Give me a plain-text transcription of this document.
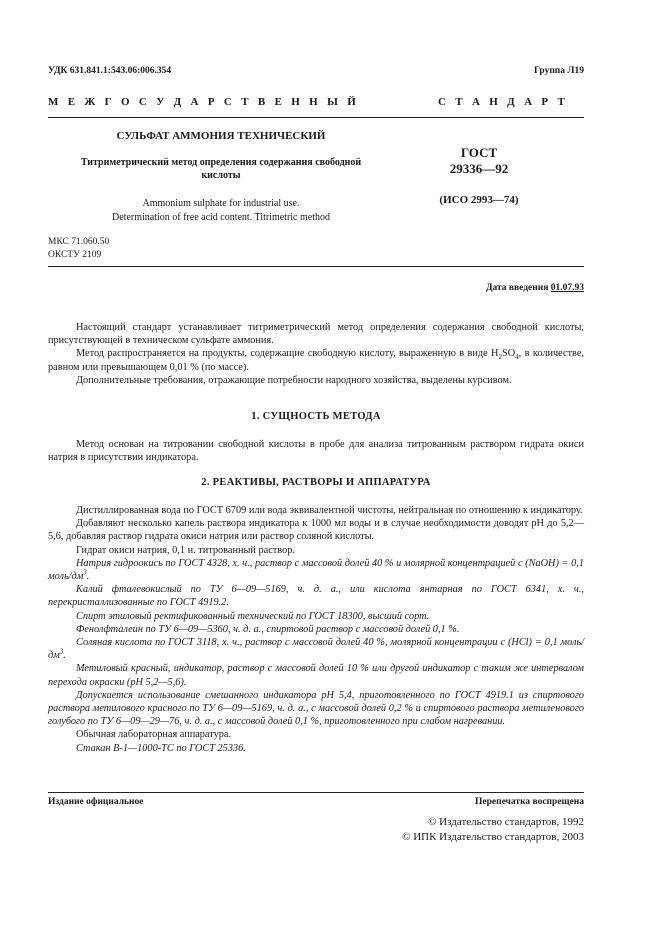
УДК 631.841.1:543.06:006.354	Группа Л19
М Е Ж Г О С У Д А Р С Т В Е Н Н Ы Й	С Т А Н Д А Р Т
СУЛЬФАТ АММОНИЯ ТЕХНИЧЕСКИЙ
Титриметрический метод определения содержания свободной
кислоты
Ammonium sulphate for industrial use.
Determination of free acid content. Titrimetric method
ГОСТ
29336—92
(ИСО 2993—74)
МКС 71.060.50
ОКСТУ 2109
Дата введения 01.07.93

Настоящий стандарт устанавливает титриметрический метод определения содержания свободной кислоты, присутствующей в техническом сульфате аммония.

Метод распространяется на продукты, содержащие свободную кислоту, выраженную в виде $H_2SO_4$, в количестве, равном или превышающем 0,01 % (по массе).

Дополнительные требования, отражающие потребности народного хозяйства, выделены курсивом.

1. СУЩНОСТЬ МЕТОДА

Метод основан на титровании свободной кислоты в пробе для анализа титрованным раствором гидрата окиси натрия в присутствии индикатора.

2. РЕАКТИВЫ, РАСТВОРЫ И АППАРАТУРА

Дистиллированная вода по ГОСТ 6709 или вода эквивалентной чистоты, нейтральная по отношению к индикатору.

Добавляют несколько капель раствора индикатора к 1000 мл воды и в случае необходимости доводят pH до 5,2—5,6, добавляя раствор гидрата окиси натрия или раствор соляной кислоты.

Гидрат окиси натрия, 0,1 н. титрованный раствор.

Натрия гидроокись по ГОСТ 4328, х. ч., раствор с массовой долей 40 % и молярной концентрацией c (NaOH) = 0,1 моль/$дм^3$.

Калий фталевокислый по ТУ 6—09—5169, ч. д. а., или кислота янтарная по ГОСТ 6341, х. ч., перекристаллизованные по ГОСТ 4919.2.

Спирт этиловый ректификованный технический по ГОСТ 18300, высший сорт.

Фенолфталеин по ТУ 6—09—5360, ч. д. а., спиртовой раствор с массовой долей 0,1 %.

Соляная кислота по ГОСТ 3118, х. ч., раствор с массовой долей 40 %, молярной концентрации c (HCl) = 0,1 моль/$дм^3$.

Метиловый красный, индикатор, раствор с массовой долей 10 % или другой индикатор с таким же интервалом перехода окраски (pH 5,2—5,6).

Допускается использование смешанного индикатора pH 5,4, приготовленного по ГОСТ 4919.1 из спиртового раствора метилового красного по ТУ 6—09—5169, ч. д. а., с массовой долей 0,2 % и спиртового раствора метиленового голубого по ТУ 6—09—29—76, ч. д. а., с массовой долей 0,1 %, приготовленного при слабом нагревании.

Обычная лабораторная аппаратура.

Стакан В-1—1000-ТС по ГОСТ 25336.

Издание официальное	Перепечатка воспрещена
© Издательство стандартов, 1992
© ИПК Издательство стандартов, 2003
